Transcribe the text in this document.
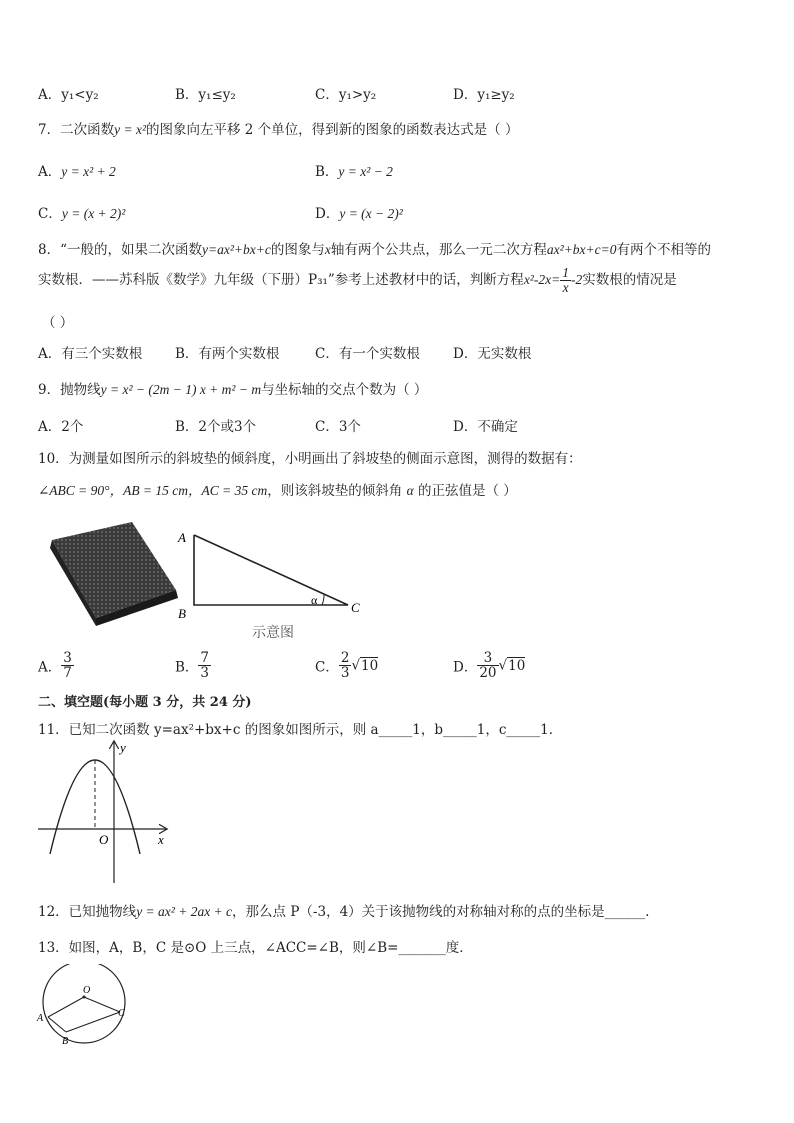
A．y₁<y₂	B．y₁≤y₂	C．y₁>y₂	D．y₁≥y₂
7．二次函数y = x²的图象向左平移 2 个单位，得到新的图象的函数表达式是（ ）
A．y = x² + 2	B．y = x² − 2
C．y = (x + 2)²	D．y = (x − 2)²
8．“一般的，如果二次函数y=ax²+bx+c的图象与x轴有两个公共点，那么一元二次方程ax²+bx+c=0有两个不相等的
实数根．——苏科版《数学》九年级（下册）P₃₁”参考上述教材中的话，判断方程$x^2-2x= \frac{1}{x} -2$实数根的情况是
（ ）
A．有三个实数根 B．有两个实数根	C．有一个实数根 D．无实数根
9．抛物线y = x² − (2m − 1) x + m² − m与坐标轴的交点个数为（ ）
A．2个	B．2个或3个	C．3个	D．不确定
10．为测量如图所示的斜坡垫的倾斜度，小明画出了斜坡垫的侧面示意图，测得的数据有：
∠ABC = 90°，AB = 15 cm，AC = 35 cm，则该斜坡垫的倾斜角 α 的正弦值是（ ）
A
B	C
α
示意图
A． $\frac{3}{7}$	B． $\frac{7}{3}$	C． $\frac{2}{3} √10$	D． $\frac{3}{20} √10$
二、填空题(每小题 3 分，共 24 分)
11．已知二次函数 y=ax²+bx+c 的图象如图所示，则 a_____1，b_____1，c_____1．
y
x
O
12．已知抛物线y = ax² + 2ax + c，那么点 P（-3，4）关于该抛物线的对称轴对称的点的坐标是______.
13．如图，A，B，C 是⊙O 上三点，∠ACC=∠B，则∠B=_______度．
O
A
B
C
